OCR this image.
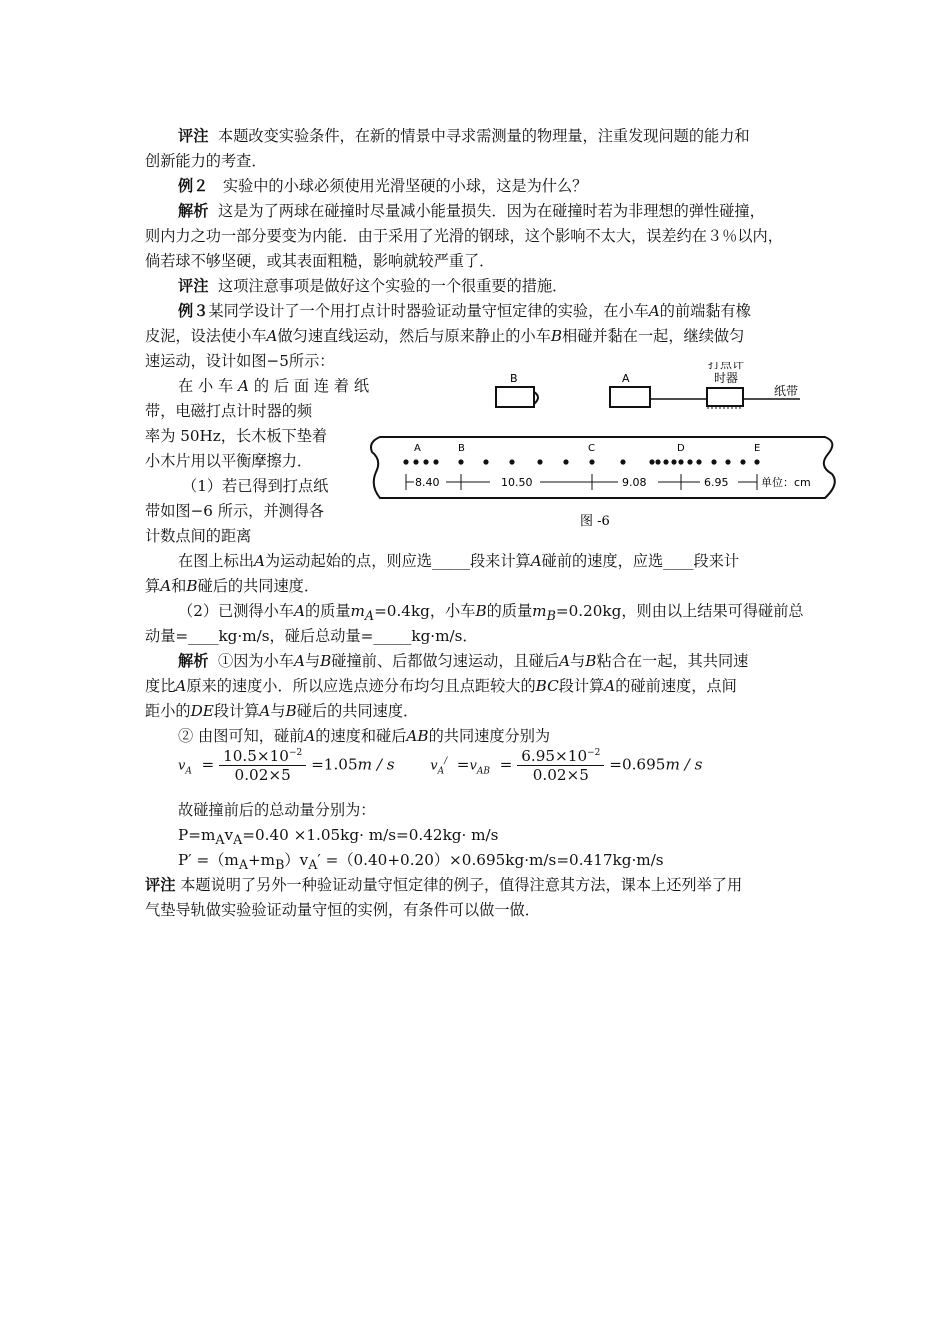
评注 本题改变实验条件，在新的情景中寻求需测量的物理量，注重发现问题的能力和
创新能力的考查．
例２ 实验中的小球必须使用光滑坚硬的小球，这是为什么？
解析 这是为了两球在碰撞时尽量减小能量损失．因为在碰撞时若为非理想的弹性碰撞，
则内力之功一部分要变为内能．由于采用了光滑的钢球，这个影响不太大，误差约在３％以内，
倘若球不够坚硬，或其表面粗糙，影响就较严重了．
评注 这项注意事项是做好这个实验的一个很重要的措施．
例３某同学设计了一个用打点计时器验证动量守恒定律的实验，在小车A的前端黏有橡
皮泥，设法使小车A做匀速直线运动，然后与原来静止的小车B相碰并黏在一起，继续做匀
速运动，设计如图−5所示：
在 小 车 A 的 后 面 连 着 纸
带，电磁打点计时器的频
率为 50Hz，长木板下垫着
小木片用以平衡摩擦力．
（1）若已得到打点纸
带如图−6 所示，并测得各
计数点间的距离
B	A
打点计
时器
纸带
A	B	C	D	E
8.40	10.50	9.08	6.95	单位：cm
图 -6
在图上标出A为运动起始的点，则应选_____段来计算A碰前的速度，应选____段来计
算A和B碰后的共同速度．
（2）已测得小车A的质量$m_A=0.4kg$，小车B的质量$m_B=0.20kg$，则由以上结果可得碰前总
动量=____kg·m/s，碰后总动量=_____kg·m/s．
解析 ①因为小车A与B碰撞前、后都做匀速运动，且碰后A与B粘合在一起，其共同速
度比A原来的速度小．所以应选点迹分布均匀且点距较大的BC段计算A的碰前速度，点间
距小的DE段计算A与B碰后的共同速度．
② 由图可知，碰前A的速度和碰后AB的共同速度分别为
$v_A = \frac{10.5\times 10^{-2}}{0.02\times 5} =1.05m / s$	$v_A^/ =v_{AB} = \frac{6.95\times 10^{-2}}{0.02\times 5} =0.695m / s$
故碰撞前后的总动量分别为：
$P=m_Av_A=0.40 \times 1.05kg\cdot m/s=0.42kg\cdot m/s$
$P' =(m_A+m_B)v_A' =(0.40+0.20)\times 0.695kg\cdot m/s=0.417kg\cdot m/s$
评注 本题说明了另外一种验证动量守恒定律的例子，值得注意其方法，课本上还列举了用
气垫导轨做实验验证动量守恒的实例，有条件可以做一做．
